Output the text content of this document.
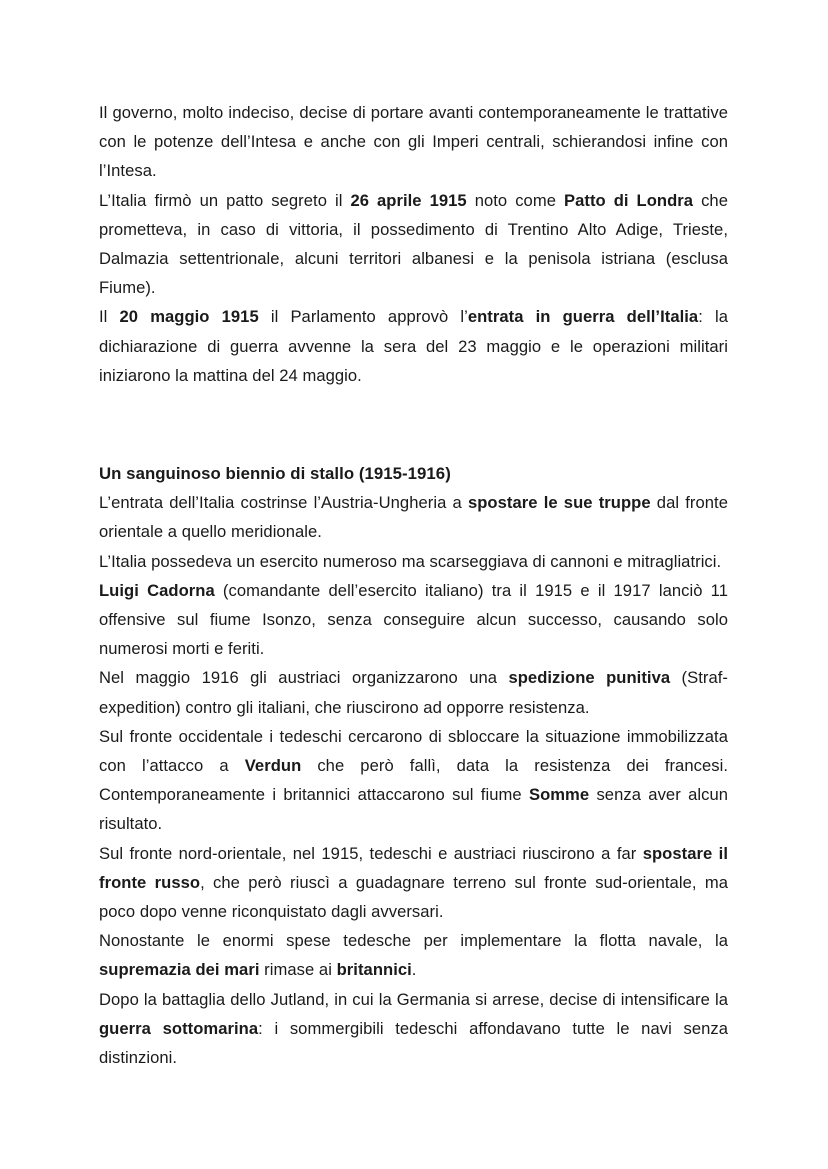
Il governo, molto indeciso, decise di portare avanti contemporaneamente le trattative con le potenze dell’Intesa e anche con gli Imperi centrali, schierandosi infine con l’Intesa.

L’Italia firmò un patto segreto il 26 aprile 1915 noto come Patto di Londra che prometteva, in caso di vittoria, il possedimento di Trentino Alto Adige, Trieste, Dalmazia settentrionale, alcuni territori albanesi e la penisola istriana (esclusa Fiume).

Il 20 maggio 1915 il Parlamento approvò l’entrata in guerra dell’Italia: la dichiarazione di guerra avvenne la sera del 23 maggio e le operazioni militari iniziarono la mattina del 24 maggio.

Un sanguinoso biennio di stallo (1915-1916)

L’entrata dell’Italia costrinse l’Austria-Ungheria a spostare le sue truppe dal fronte orientale a quello meridionale.

L’Italia possedeva un esercito numeroso ma scarseggiava di cannoni e mitragliatrici.

Luigi Cadorna (comandante dell’esercito italiano) tra il 1915 e il 1917 lanciò 11 offensive sul fiume Isonzo, senza conseguire alcun successo, causando solo numerosi morti e feriti.

Nel maggio 1916 gli austriaci organizzarono una spedizione punitiva (Straf-expedition) contro gli italiani, che riuscirono ad opporre resistenza.

Sul fronte occidentale i tedeschi cercarono di sbloccare la situazione immobilizzata con l’attacco a Verdun che però fallì, data la resistenza dei francesi. Contemporaneamente i britannici attaccarono sul fiume Somme senza aver alcun risultato.

Sul fronte nord-orientale, nel 1915, tedeschi e austriaci riuscirono a far spostare il fronte russo, che però riuscì a guadagnare terreno sul fronte sud-orientale, ma poco dopo venne riconquistato dagli avversari.

Nonostante le enormi spese tedesche per implementare la flotta navale, la supremazia dei mari rimase ai britannici.

Dopo la battaglia dello Jutland, in cui la Germania si arrese, decise di intensificare la guerra sottomarina: i sommergibili tedeschi affondavano tutte le navi senza distinzioni.
